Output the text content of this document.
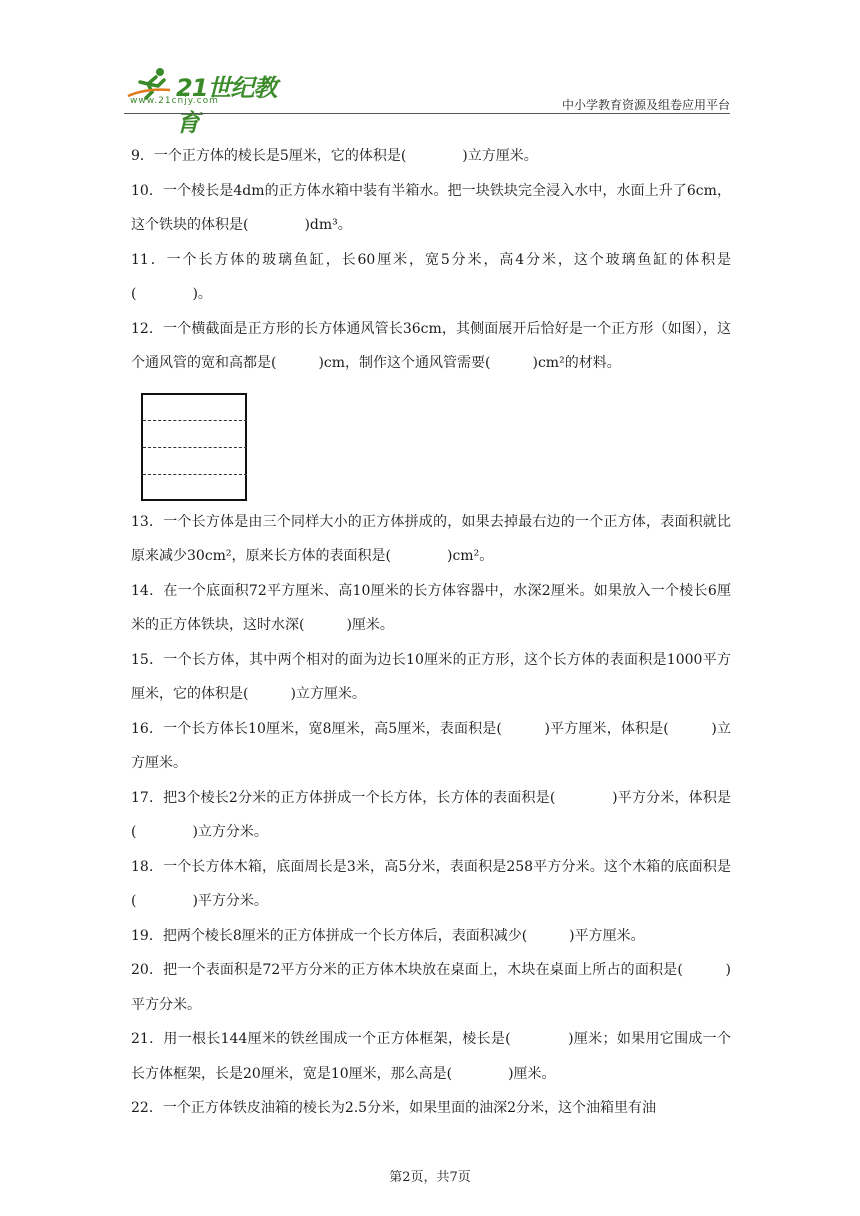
21世纪教育
www.21cnjy.com	中小学教育资源及组卷应用平台

9．一个正方体的棱长是5厘米，它的体积是(　　　　)立方厘米。

10．一个棱长是4dm的正方体水箱中装有半箱水。把一块铁块完全浸入水中，水面上升了6cm，这个铁块的体积是(　　　　)dm³。

11．一个长方体的玻璃鱼缸，长60厘米，宽5分米，高4分米，这个玻璃鱼缸的体积是(　　　　)。

12．一个横截面是正方形的长方体通风管长36cm，其侧面展开后恰好是一个正方形（如图），这个通风管的宽和高都是(　　　)cm，制作这个通风管需要(　　　)cm²的材料。

13．一个长方体是由三个同样大小的正方体拼成的，如果去掉最右边的一个正方体，表面积就比原来减少30cm²，原来长方体的表面积是(　　　　)cm²。

14．在一个底面积72平方厘米、高10厘米的长方体容器中，水深2厘米。如果放入一个棱长6厘米的正方体铁块，这时水深(　　　)厘米。

15．一个长方体，其中两个相对的面为边长10厘米的正方形，这个长方体的表面积是1000平方厘米，它的体积是(　　　)立方厘米。

16．一个长方体长10厘米，宽8厘米，高5厘米，表面积是(　　　)平方厘米，体积是(　　　)立方厘米。

17．把3个棱长2分米的正方体拼成一个长方体，长方体的表面积是(　　　　)平方分米，体积是(　　　　)立方分米。

18．一个长方体木箱，底面周长是3米，高5分米，表面积是258平方分米。这个木箱的底面积是(　　　　)平方分米。

19．把两个棱长8厘米的正方体拼成一个长方体后，表面积减少(　　　)平方厘米。

20．把一个表面积是72平方分米的正方体木块放在桌面上，木块在桌面上所占的面积是(　　　)平方分米。

21．用一根长144厘米的铁丝围成一个正方体框架，棱长是(　　　　)厘米；如果用它围成一个长方体框架，长是20厘米，宽是10厘米，那么高是(　　　　)厘米。

22．一个正方体铁皮油箱的棱长为2.5分米，如果里面的油深2分米，这个油箱里有油

第2页，共7页
